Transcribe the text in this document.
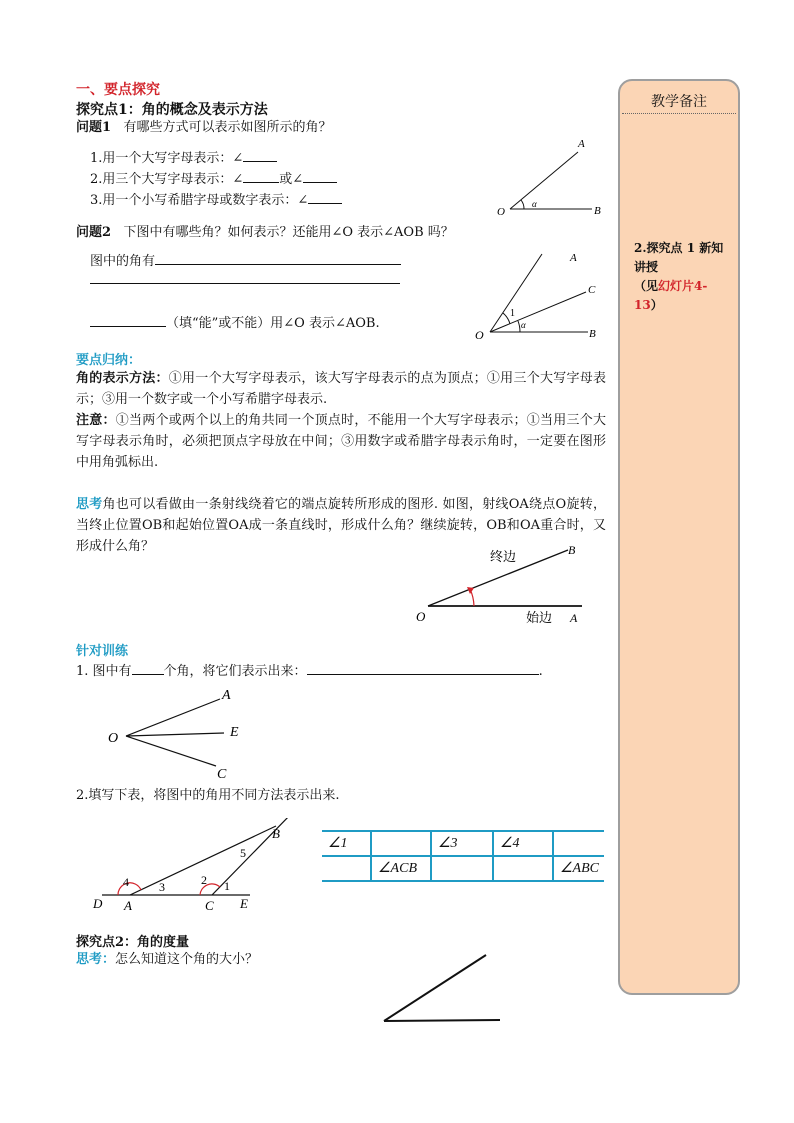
一、要点探究
探究点1：角的概念及表示方法
问题1 有哪些方式可以表示如图所示的角？
1.用一个大写字母表示：∠
2.用三个大写字母表示：∠	或∠
3.用一个小写希腊字母或数字表示：∠
A
O	B
α
问题2 下图中有哪些角？如何表示？还能用∠O 表示∠AOB 吗？
图中的角有
（填“能”或不能）用∠O 表示∠AOB.
A
C
O	B
1
α
要点归纳：
角的表示方法：①用一个大写字母表示，该大写字母表示的点为顶点；①用三个大写字母表示；③用一个数字或一个小写希腊字母表示.
注意：①当两个或两个以上的角共同一个顶点时，不能用一个大写字母表示；①当用三个大写字母表示角时，必须把顶点字母放在中间；③用数字或希腊字母表示角时，一定要在图形中用角弧标出.
思考角也可以看做由一条射线绕着它的端点旋转所形成的图形. 如图，射线OA绕点O旋转，当终止位置OB和起始位置OA成一条直线时，形成什么角？继续旋转，OB和OA重合时，又形成什么角？	B
O	A
终边
始边
针对训练
1. 图中有 个角，将它们表示出来：	.
A
E
O
C
2.填写下表，将图中的角用不同方法表示出来.
B
D A	C E
1
2
3
4
5
∠1		∠3	∠4	
	∠ACB			∠ABC
探究点2：角的度量
思考：怎么知道这个角的大小？
教学备注
2.探究点 1 新知讲授
（见幻灯片4-13）
